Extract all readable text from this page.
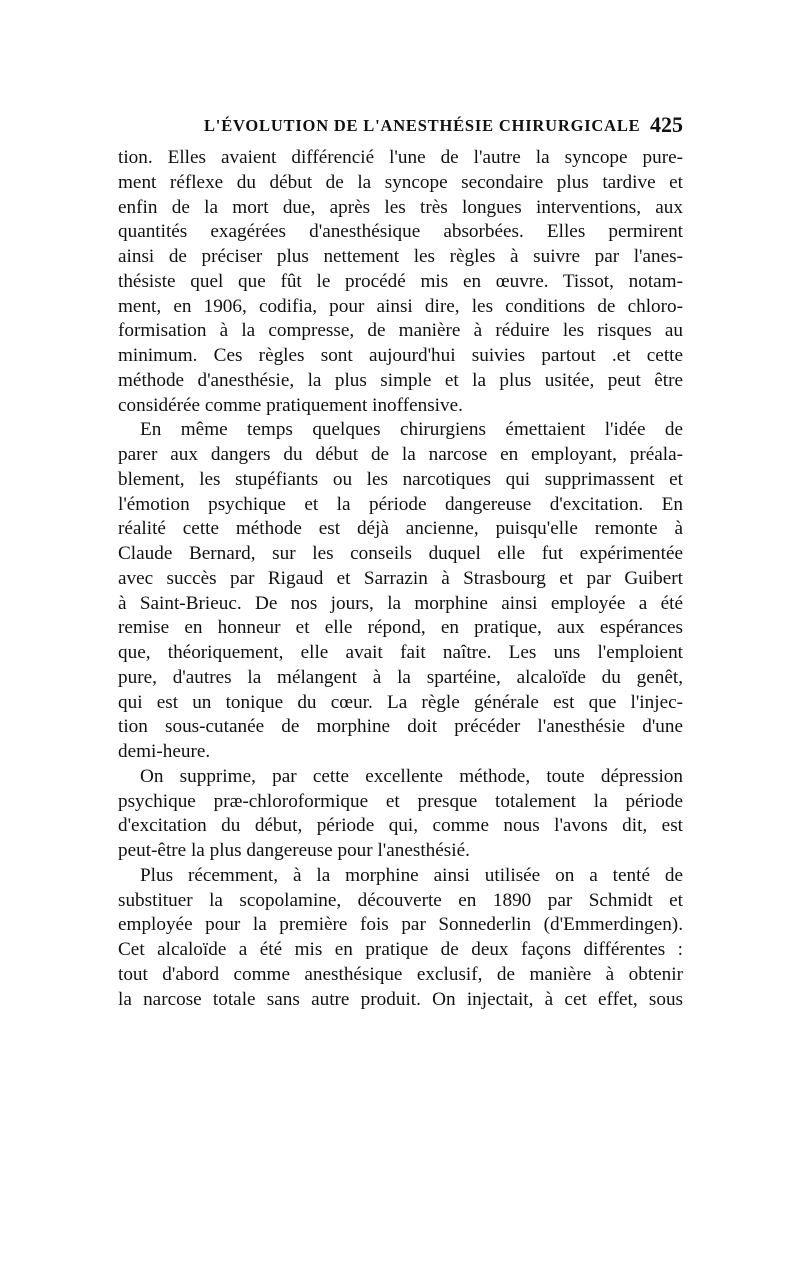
L'ÉVOLUTION DE L'ANESTHÉSIE CHIRURGICALE 425
tion. Elles avaient différencié l'une de l'autre la syncope pure-
ment réflexe du début de la syncope secondaire plus tardive et
enfin de la mort due, après les très longues interventions, aux
quantités exagérées d'anesthésique absorbées. Elles permirent
ainsi de préciser plus nettement les règles à suivre par l'anes-
thésiste quel que fût le procédé mis en œuvre. Tissot, notam-
ment, en 1906, codifia, pour ainsi dire, les conditions de chloro-
formisation à la compresse, de manière à réduire les risques au
minimum. Ces règles sont aujourd'hui suivies partout .et cette
méthode d'anesthésie, la plus simple et la plus usitée, peut être
considérée comme pratiquement inoffensive.
En même temps quelques chirurgiens émettaient l'idée de
parer aux dangers du début de la narcose en employant, préala-
blement, les stupéfiants ou les narcotiques qui supprimassent et
l'émotion psychique et la période dangereuse d'excitation. En
réalité cette méthode est déjà ancienne, puisqu'elle remonte à
Claude Bernard, sur les conseils duquel elle fut expérimentée
avec succès par Rigaud et Sarrazin à Strasbourg et par Guibert
à Saint-Brieuc. De nos jours, la morphine ainsi employée a été
remise en honneur et elle répond, en pratique, aux espérances
que, théoriquement, elle avait fait naître. Les uns l'emploient
pure, d'autres la mélangent à la spartéine, alcaloïde du genêt,
qui est un tonique du cœur. La règle générale est que l'injec-
tion sous-cutanée de morphine doit précéder l'anesthésie d'une
demi-heure.
On supprime, par cette excellente méthode, toute dépression
psychique præ-chloroformique et presque totalement la période
d'excitation du début, période qui, comme nous l'avons dit, est
peut-être la plus dangereuse pour l'anesthésié.
Plus récemment, à la morphine ainsi utilisée on a tenté de
substituer la scopolamine, découverte en 1890 par Schmidt et
employée pour la première fois par Sonnederlin (d'Emmerdingen).
Cet alcaloïde a été mis en pratique de deux façons différentes :
tout d'abord comme anesthésique exclusif, de manière à obtenir
la narcose totale sans autre produit. On injectait, à cet effet, sous
